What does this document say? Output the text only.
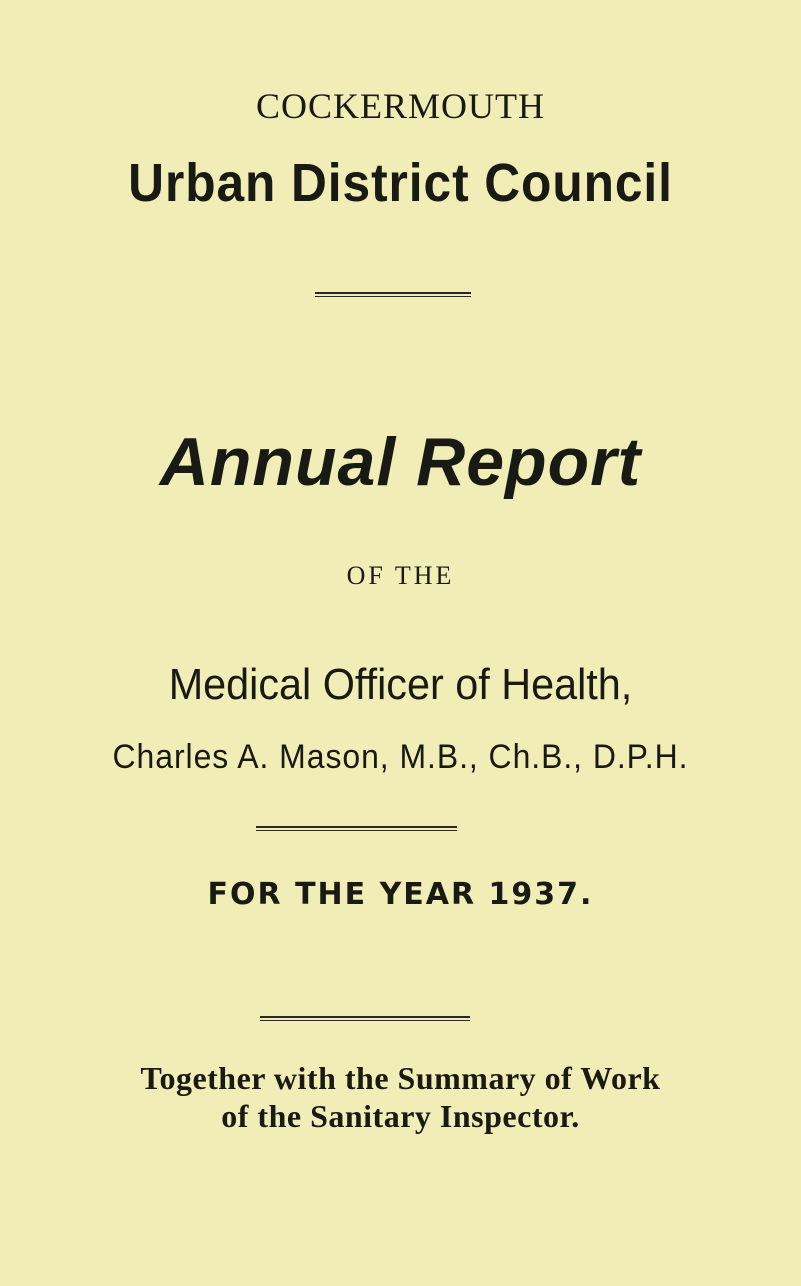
COCKERMOUTH
Urban District Council
Annual Report
OF THE
Medical Officer of Health,
Charles A. Mason, M.B., Ch.B., D.P.H.
FOR THE YEAR 1937.
Together with the Summary of Work
of the Sanitary Inspector.
